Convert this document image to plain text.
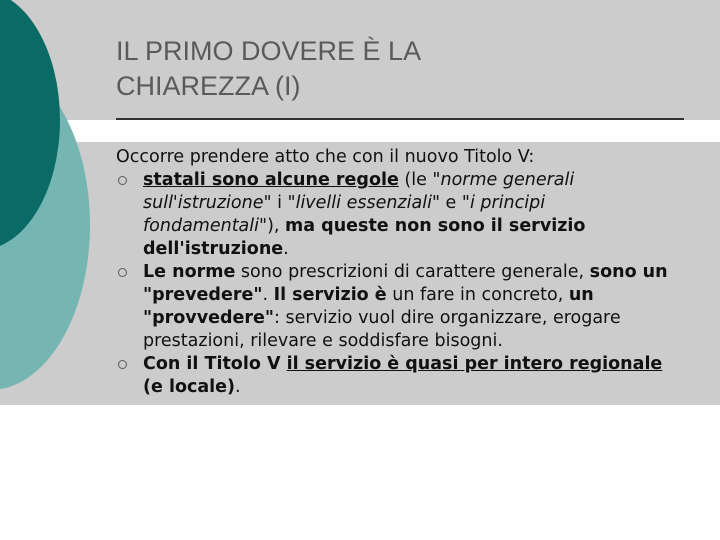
IL PRIMO DOVERE È LA
CHIAREZZA (I)

Occorre prendere atto che con il nuovo Titolo V:

statali sono alcune regole (le "norme generali sull'istruzione" i "livelli essenziali" e "i principi fondamentali"), ma queste non sono il servizio dell'istruzione.
Le norme sono prescrizioni di carattere generale, sono un "prevedere". Il servizio è un fare in concreto, un "provvedere": servizio vuol dire organizzare, erogare prestazioni, rilevare e soddisfare bisogni.
Con il Titolo V il servizio è quasi per intero regionale (e locale).
